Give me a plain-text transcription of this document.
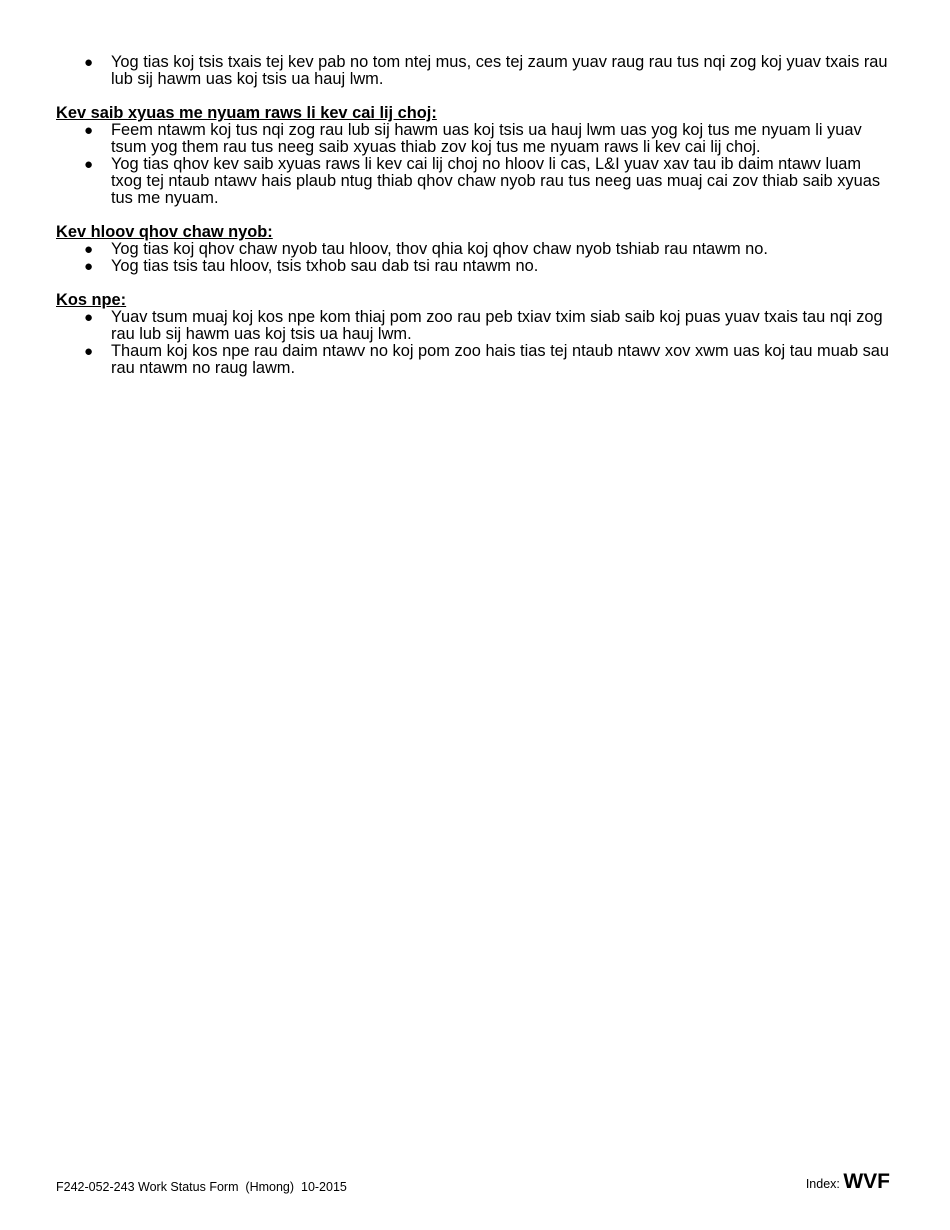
● Yog tias koj tsis txais tej kev pab no tom ntej mus, ces tej zaum yuav raug rau tus nqi zog koj yuav txais rau lub sij hawm uas koj tsis ua hauj lwm.
Kev saib xyuas me nyuam raws li kev cai lij choj:
● Feem ntawm koj tus nqi zog rau lub sij hawm uas koj tsis ua hauj lwm uas yog koj tus me nyuam li yuav tsum yog them rau tus neeg saib xyuas thiab zov koj tus me nyuam raws li kev cai lij choj.
● Yog tias qhov kev saib xyuas raws li kev cai lij choj no hloov li cas, L&I yuav xav tau ib daim ntawv luam txog tej ntaub ntawv hais plaub ntug thiab qhov chaw nyob rau tus neeg uas muaj cai zov thiab saib xyuas tus me nyuam.
Kev hloov qhov chaw nyob:
● Yog tias koj qhov chaw nyob tau hloov, thov qhia koj qhov chaw nyob tshiab rau ntawm no.
● Yog tias tsis tau hloov, tsis txhob sau dab tsi rau ntawm no.
Kos npe:
● Yuav tsum muaj koj kos npe kom thiaj pom zoo rau peb txiav txim siab saib koj puas yuav txais tau nqi zog rau lub sij hawm uas koj tsis ua hauj lwm.
● Thaum koj kos npe rau daim ntawv no koj pom zoo hais tias tej ntaub ntawv xov xwm uas koj tau muab sau rau ntawm no raug lawm.
F242-052-243 Work Status Form  (Hmong)  10-2015	Index: WVF
